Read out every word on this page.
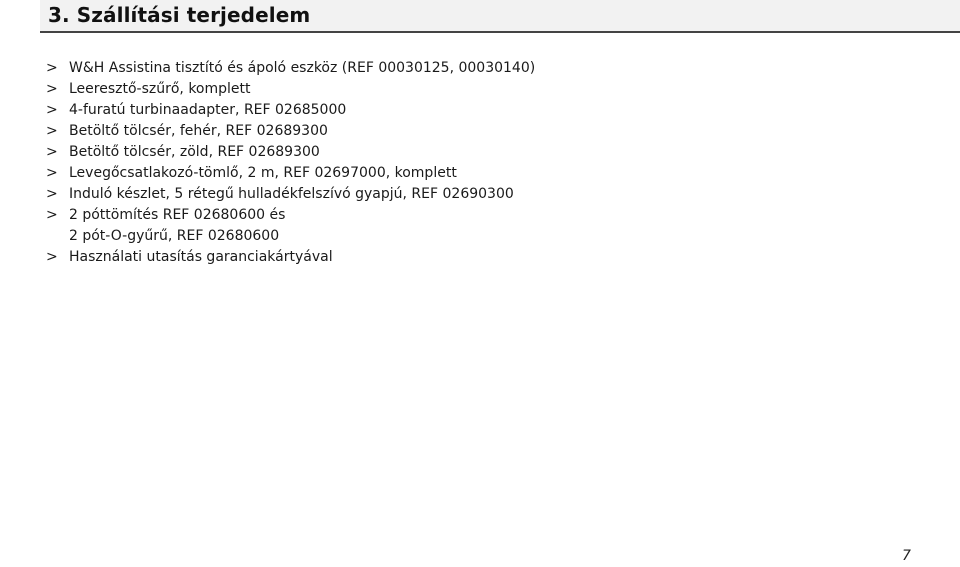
3. Szállítási terjedelem
> W&H Assistina tisztító és ápoló eszköz (REF 00030125, 00030140)
> Leeresztő-szűrő, komplett
> 4-furatú turbinaadapter, REF 02685000
> Betöltő tölcsér, fehér, REF 02689300
> Betöltő tölcsér, zöld, REF 02689300
> Levegőcsatlakozó-tömlő, 2 m, REF 02697000, komplett
> Induló készlet, 5 rétegű hulladékfelszívó gyapjú, REF 02690300
> 2 póttömítés REF 02680600 és
2 pót-O-gyűrű, REF 02680600
> Használati utasítás garanciakártyával
7
